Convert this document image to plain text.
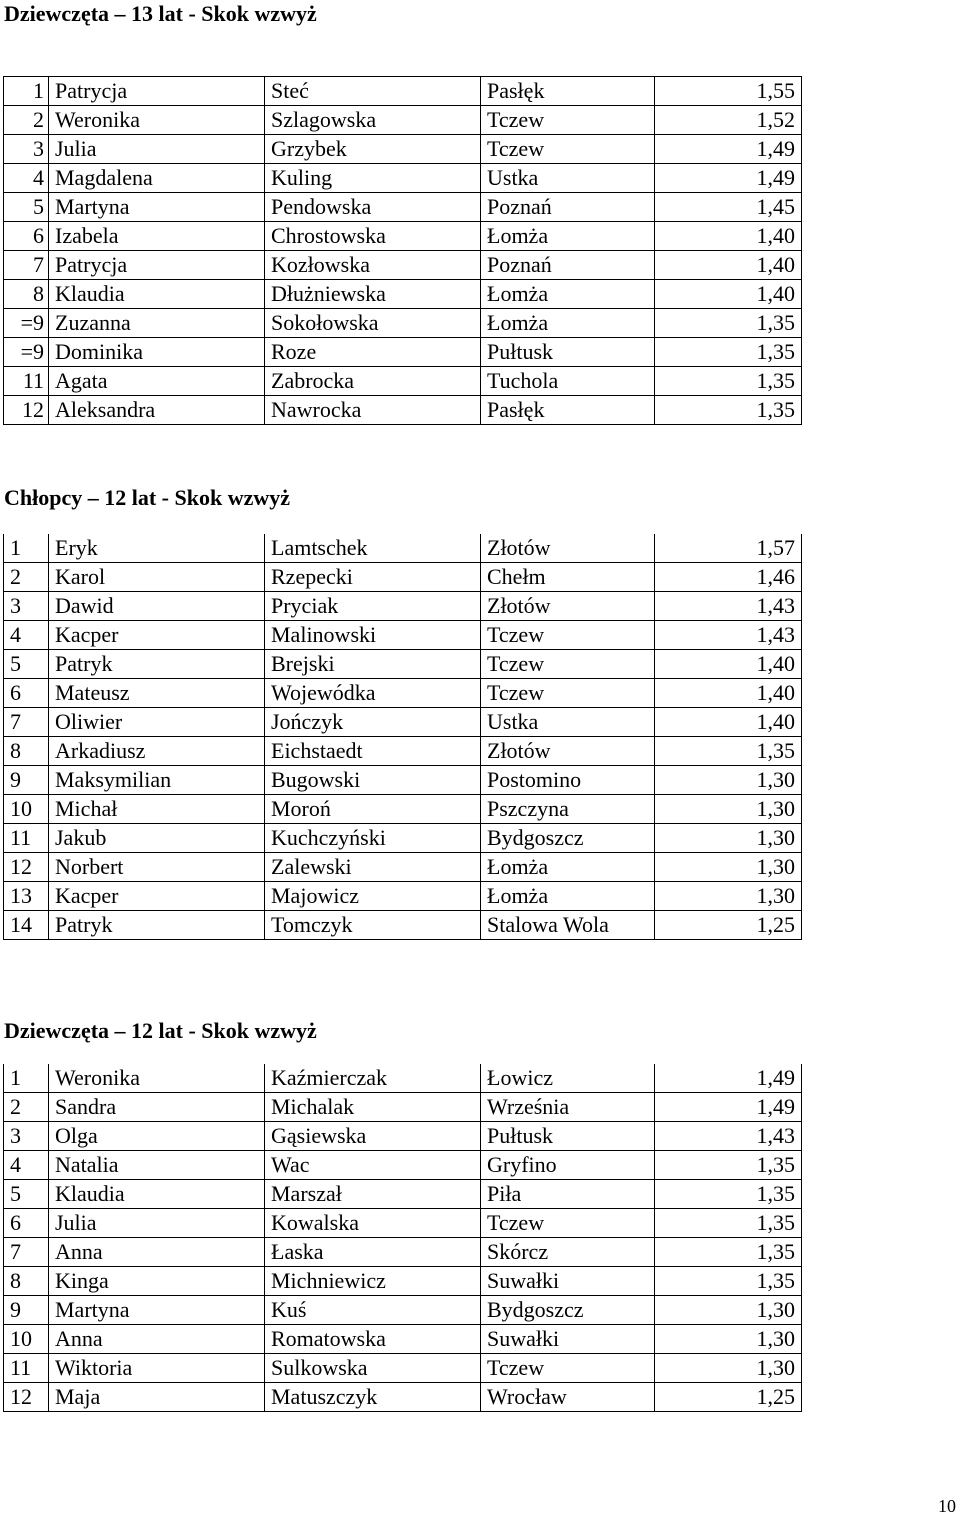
Dziewczęta – 13 lat - Skok wzwyż
1	Patrycja	Steć	Pasłęk	1,55
2	Weronika	Szlagowska	Tczew	1,52
3	Julia	Grzybek	Tczew	1,49
4	Magdalena	Kuling	Ustka	1,49
5	Martyna	Pendowska	Poznań	1,45
6	Izabela	Chrostowska	Łomża	1,40
7	Patrycja	Kozłowska	Poznań	1,40
8	Klaudia	Dłużniewska	Łomża	1,40
=9	Zuzanna	Sokołowska	Łomża	1,35
=9	Dominika	Roze	Pułtusk	1,35
11	Agata	Zabrocka	Tuchola	1,35
12	Aleksandra	Nawrocka	Pasłęk	1,35
Chłopcy – 12 lat - Skok wzwyż
1	Eryk	Lamtschek	Złotów	1,57
2	Karol	Rzepecki	Chełm	1,46
3	Dawid	Pryciak	Złotów	1,43
4	Kacper	Malinowski	Tczew	1,43
5	Patryk	Brejski	Tczew	1,40
6	Mateusz	Wojewódka	Tczew	1,40
7	Oliwier	Jończyk	Ustka	1,40
8	Arkadiusz	Eichstaedt	Złotów	1,35
9	Maksymilian	Bugowski	Postomino	1,30
10	Michał	Moroń	Pszczyna	1,30
11	Jakub	Kuchczyński	Bydgoszcz	1,30
12	Norbert	Zalewski	Łomża	1,30
13	Kacper	Majowicz	Łomża	1,30
14	Patryk	Tomczyk	Stalowa Wola	1,25
Dziewczęta – 12 lat - Skok wzwyż
1	Weronika	Kaźmierczak	Łowicz	1,49
2	Sandra	Michalak	Września	1,49
3	Olga	Gąsiewska	Pułtusk	1,43
4	Natalia	Wac	Gryfino	1,35
5	Klaudia	Marszał	Piła	1,35
6	Julia	Kowalska	Tczew	1,35
7	Anna	Łaska	Skórcz	1,35
8	Kinga	Michniewicz	Suwałki	1,35
9	Martyna	Kuś	Bydgoszcz	1,30
10	Anna	Romatowska	Suwałki	1,30
11	Wiktoria	Sulkowska	Tczew	1,30
12	Maja	Matuszczyk	Wrocław	1,25
10
